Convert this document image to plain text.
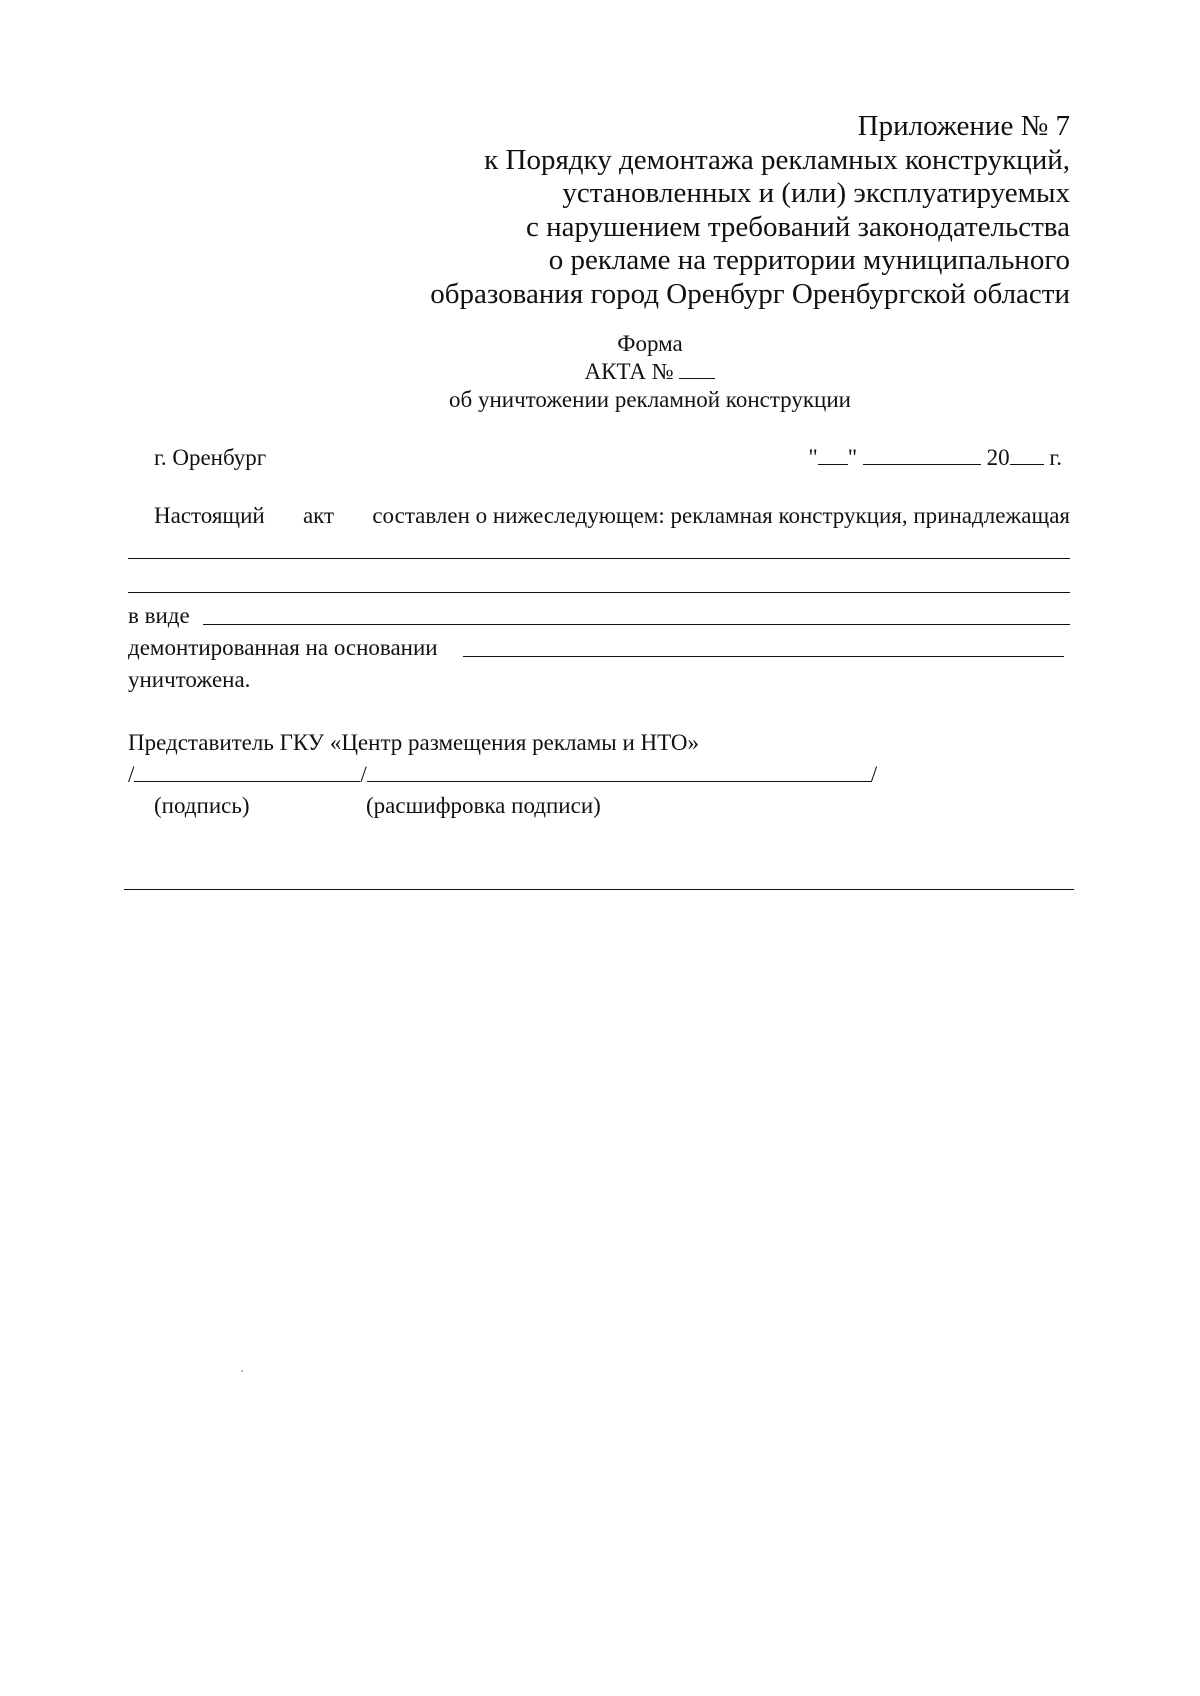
Приложение № 7
к Порядку демонтажа рекламных конструкций,
установленных и (или) эксплуатируемых
с нарушением требований законодательства
о рекламе на территории муниципального
образования город Оренбург Оренбургской области
Форма
АКТА №
об уничтожении рекламной конструкции
г. Оренбург	" "	20 г.
Настоящий акт составлен о нижеследующем: рекламная конструкция, принадлежащая
в виде
демонтированная на основании
уничтожена.
Представитель ГКУ «Центр размещения рекламы и НТО»
/	/	/
(подпись)	(расшифровка подписи)
